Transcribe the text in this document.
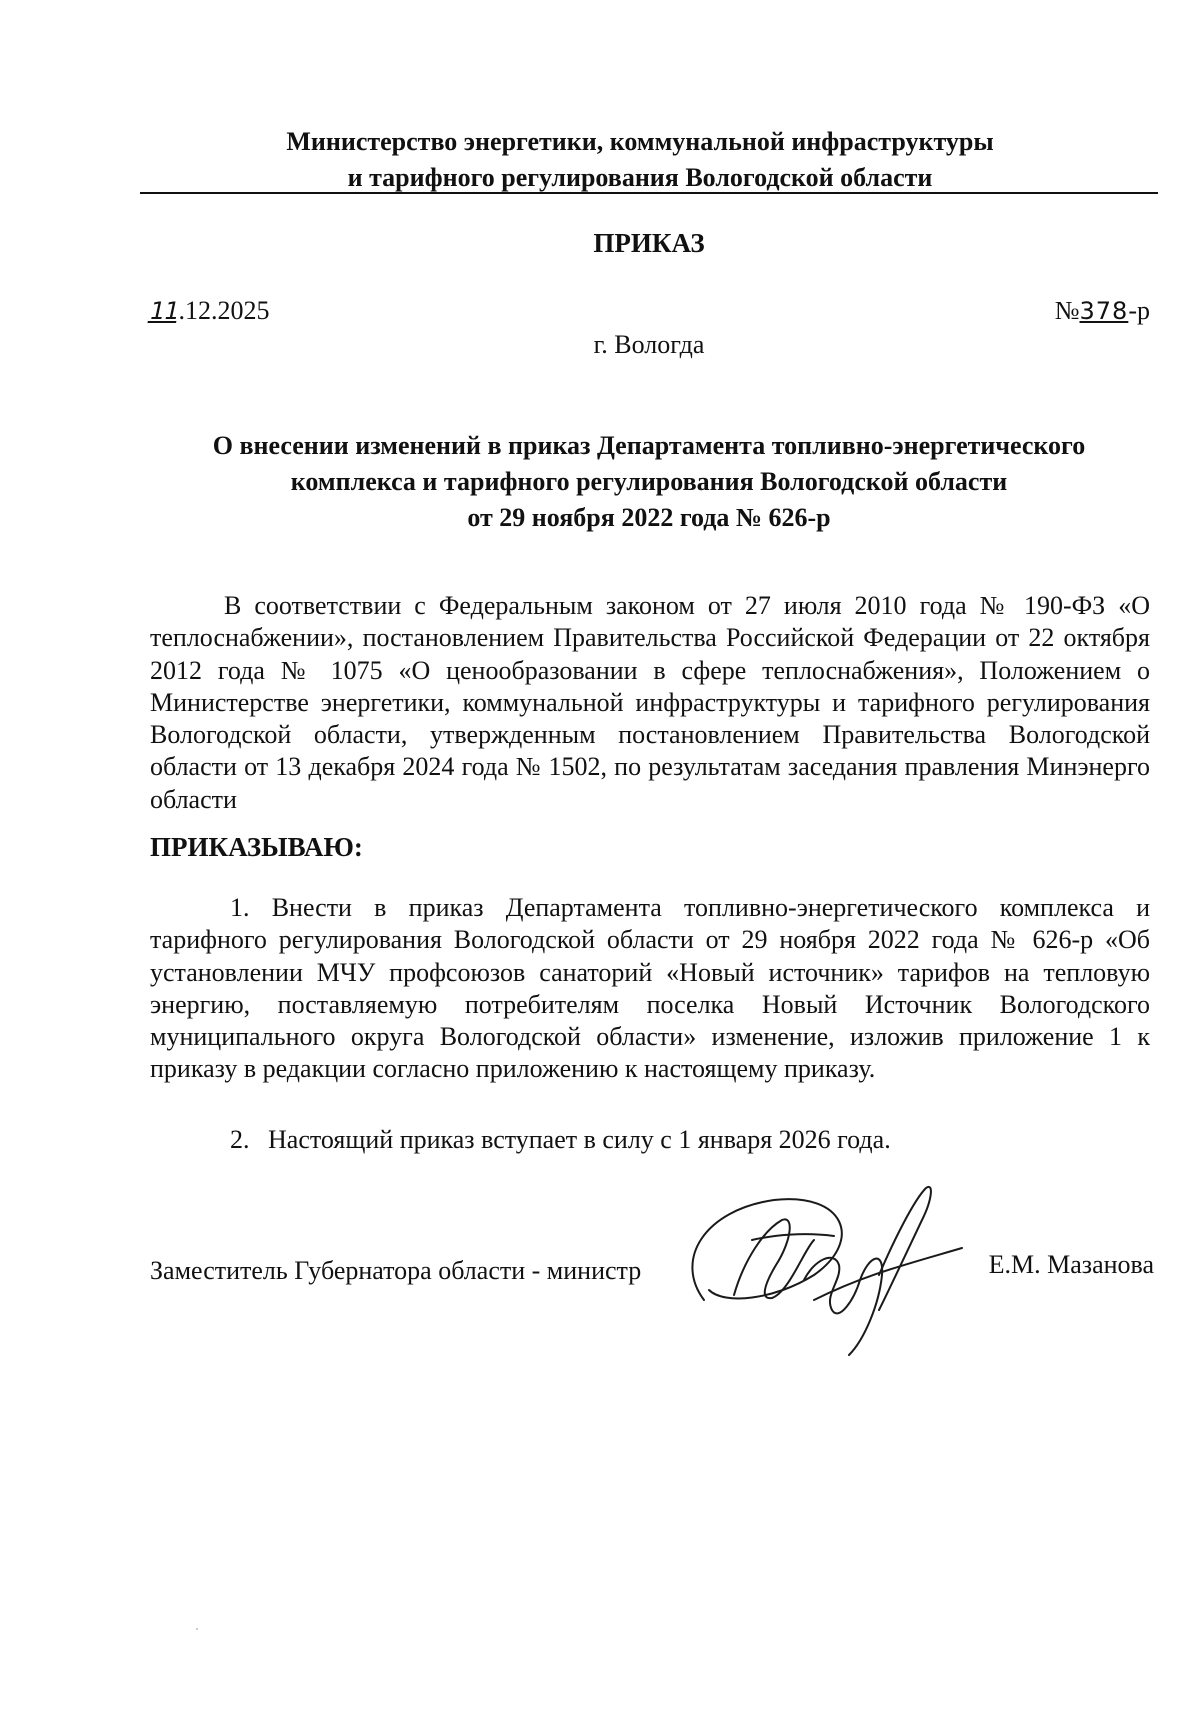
Министерство энергетики, коммунальной инфраструктуры
и тарифного регулирования Вологодской области
ПРИКАЗ
11.12.2025	№378-р
г. Вологда
О внесении изменений в приказ Департамента топливно-энергетического
комплекса и тарифного регулирования Вологодской области
от 29 ноября 2022 года № 626-р
В соответствии с Федеральным законом от 27 июля 2010 года № 190-ФЗ «О теплоснабжении», постановлением Правительства Российской Федерации от 22 октября 2012 года № 1075 «О ценообразовании в сфере теплоснабжения», Положением о Министерстве энергетики, коммунальной инфраструктуры и тарифного регулирования Вологодской области, утвержденным постановлением Правительства Вологодской области от 13 декабря 2024 года № 1502, по результатам заседания правления Минэнерго области
ПРИКАЗЫВАЮ:
1. Внести в приказ Департамента топливно-энергетического комплекса и тарифного регулирования Вологодской области от 29 ноября 2022 года № 626-р «Об установлении МЧУ профсоюзов санаторий «Новый источник» тарифов на тепловую энергию, поставляемую потребителям поселка Новый Источник Вологодского муниципального округа Вологодской области» изменение, изложив приложение 1 к приказу в редакции согласно приложению к настоящему приказу.
2. Настоящий приказ вступает в силу с 1 января 2026 года.
Заместитель Губернатора области - министр	Е.М. Мазанова
